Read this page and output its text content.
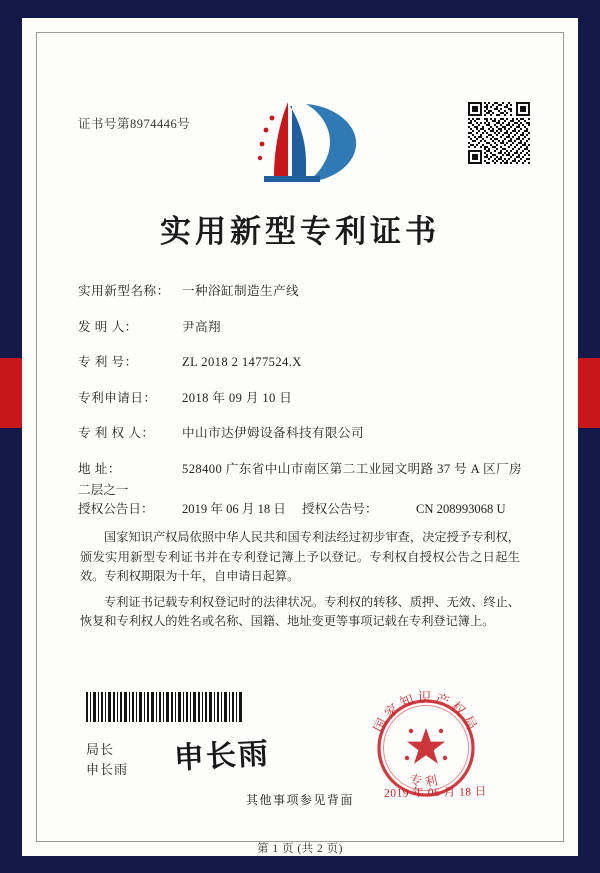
证书号第8974446号
实用新型专利证书
实用新型名称： 一种浴缸制造生产线
发 明 人：	尹高翔
专 利 号：	ZL 2018 2 1477524.X
专利申请日：	2018 年 09 月 10 日
专 利 权 人：	中山市达伊姆设备科技有限公司
地 址：	528400 广东省中山市南区第二工业园文明路 37 号 A 区厂房
二层之一
授权公告日：	2019 年 06 月 18 日	授权公告号：	CN 208993068 U

国家知识产权局依照中华人民共和国专利法经过初步审查，决定授予专利权，颁发实用新型专利证书并在专利登记簿上予以登记。专利权自授权公告之日起生效。专利权期限为十年，自申请日起算。

专利证书记载专利权登记时的法律状况。专利权的转移、质押、无效、终止、恢复和专利权人的姓名或名称、国籍、地址变更等事项记载在专利登记簿上。

局长
申长雨 申长雨
国家知识产权局
专利
2019 年 06 月 18 日
第 1 页 (共 2 页)
其他事项参见背面
